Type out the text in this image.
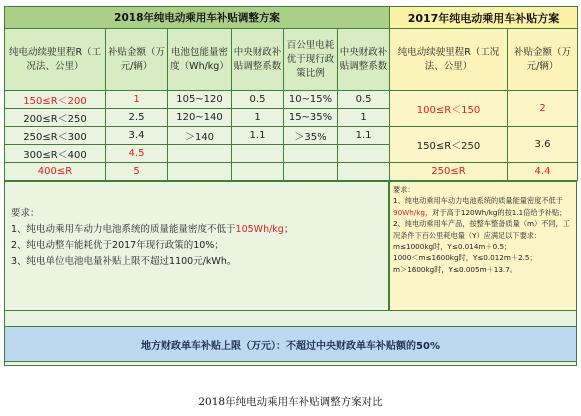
2018年纯电动乘用车补贴调整方案					
纯电动续驶里程R（工况法、公里）	补贴金额（万元/辆）	电池包能量密度（Wh/kg）	中央财政补贴调整系数	百公里电耗优于现行政策比例	中央财政补贴调整系数
150≤R＜200	1	105~120	0.5	10~15%	0.5
200≤R＜250	2.5	120~140	1	15~35%	1
250≤R＜300	3.4	＞140	1.1	＞35%	1.1
300≤R＜400	4.5				
400≤R	5				
要求：
1、纯电动乘用车动力电池系统的质量能量密度不低于105Wh/kg；
2、纯电动整车能耗优于2017年现行政策的10%；
3、纯电单位电池电量补贴上限不超过1100元/kWh。
2017年纯电动乘用车补贴方案	
纯电动续驶里程R（工况法、公里）	补贴金额（万元/辆）
100≤R＜150	2
150≤R＜250	3.6
250≤R	4.4
要求：
1、纯电动乘用车动力电池系统的质量能量密度不低于90Wh/kg，对于高于120Wh/kg的按1.1倍给予补贴；
2、纯电动乘用车产品，按整车整备质量（m）不同，工况条件下百公里耗电量（Y）应满足以下要求：
m≤1000kg时，Y≤0.014m＋0.5；
1000＜m≤1600kg时，Y≤0.012m＋2.5；
m＞1600kg时，Y≤0.005m＋13.7。
地方财政单车补贴上限（万元）：不超过中央财政单车补贴额的50%
2018年纯电动乘用车补贴调整方案对比
